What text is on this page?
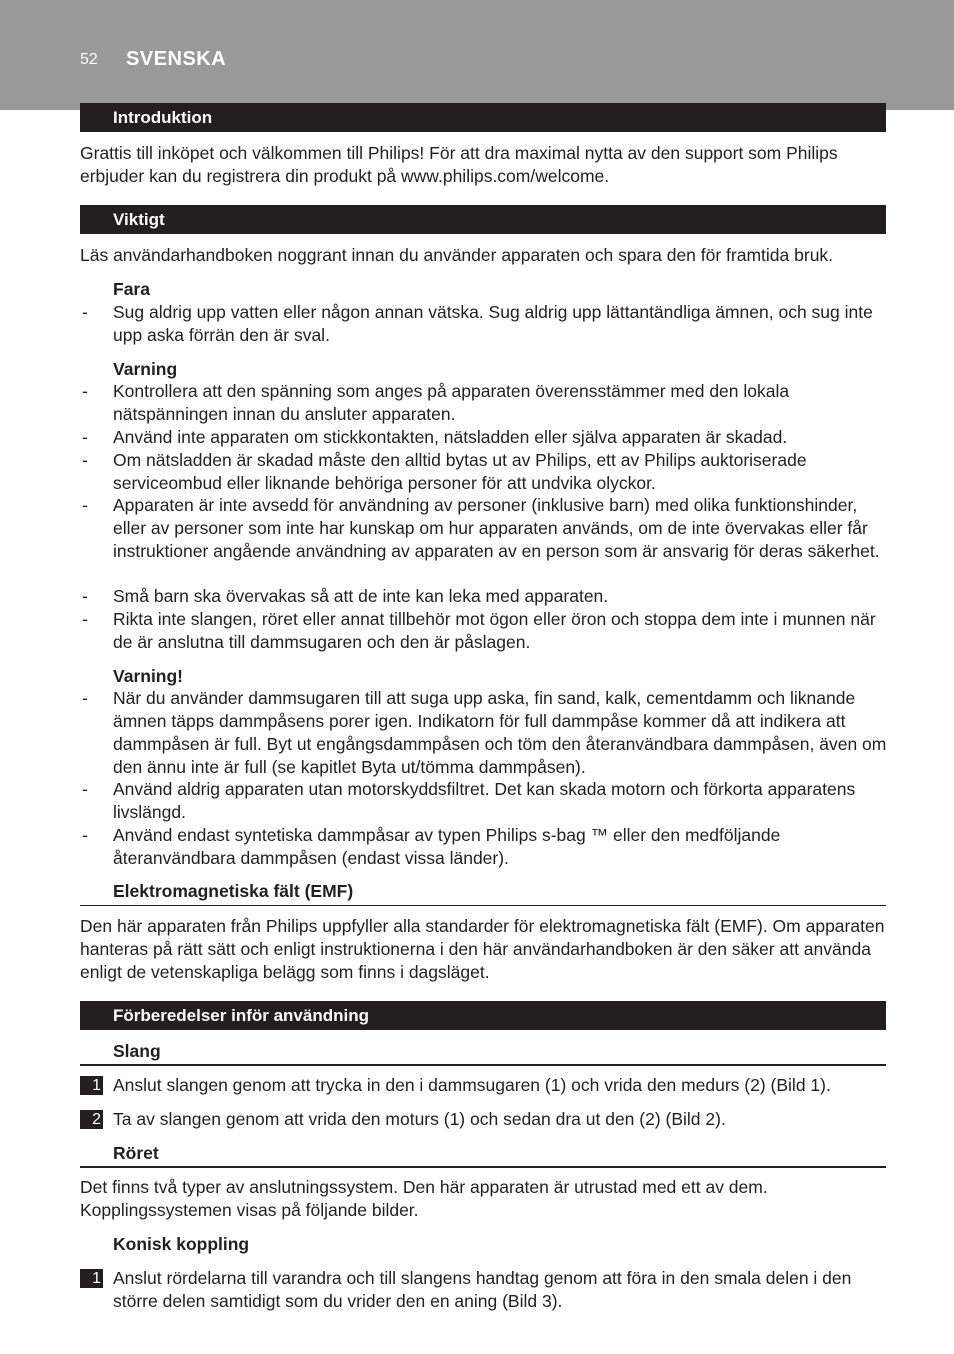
52 SVENSKA
Introduktion

Grattis till inköpet och välkommen till Philips! För att dra maximal nytta av den support som Philips erbjuder kan du registrera din produkt på www.philips.com/welcome.

Viktigt

Läs användarhandboken noggrant innan du använder apparaten och spara den för framtida bruk.

Fara
- Sug aldrig upp vatten eller någon annan vätska. Sug aldrig upp lättantändliga ämnen, och sug inte upp aska förrän den är sval.
Varning
- Kontrollera att den spänning som anges på apparaten överensstämmer med den lokala nätspänningen innan du ansluter apparaten.
- Använd inte apparaten om stickkontakten, nätsladden eller själva apparaten är skadad.
- Om nätsladden är skadad måste den alltid bytas ut av Philips, ett av Philips auktoriserade serviceombud eller liknande behöriga personer för att undvika olyckor.
- Apparaten är inte avsedd för användning av personer (inklusive barn) med olika funktionshinder, eller av personer som inte har kunskap om hur apparaten används, om de inte övervakas eller får instruktioner angående användning av apparaten av en person som är ansvarig för deras säkerhet.
- Små barn ska övervakas så att de inte kan leka med apparaten.
- Rikta inte slangen, röret eller annat tillbehör mot ögon eller öron och stoppa dem inte i munnen när de är anslutna till dammsugaren och den är påslagen.
Varning!
- När du använder dammsugaren till att suga upp aska, fin sand, kalk, cementdamm och liknande ämnen täpps dammpåsens porer igen. Indikatorn för full dammpåse kommer då att indikera att dammpåsen är full. Byt ut engångsdammpåsen och töm den återanvändbara dammpåsen, även om den ännu inte är full (se kapitlet Byta ut/tömma dammpåsen).
- Använd aldrig apparaten utan motorskyddsfiltret. Det kan skada motorn och förkorta apparatens livslängd.
- Använd endast syntetiska dammpåsar av typen Philips s-bag ™ eller den medföljande återanvändbara dammpåsen (endast vissa länder).
Elektromagnetiska fält (EMF)

Den här apparaten från Philips uppfyller alla standarder för elektromagnetiska fält (EMF). Om apparaten hanteras på rätt sätt och enligt instruktionerna i den här användarhandboken är den säker att använda enligt de vetenskapliga belägg som finns i dagsläget.

Förberedelser inför användning
Slang
1 Anslut slangen genom att trycka in den i dammsugaren (1) och vrida den medurs (2) (Bild 1).
2 Ta av slangen genom att vrida den moturs (1) och sedan dra ut den (2) (Bild 2).
Röret

Det finns två typer av anslutningssystem. Den här apparaten är utrustad med ett av dem. Kopplingssystemen visas på följande bilder.

Konisk koppling
1 Anslut rördelarna till varandra och till slangens handtag genom att föra in den smala delen i den större delen samtidigt som du vrider den en aning (Bild 3).
